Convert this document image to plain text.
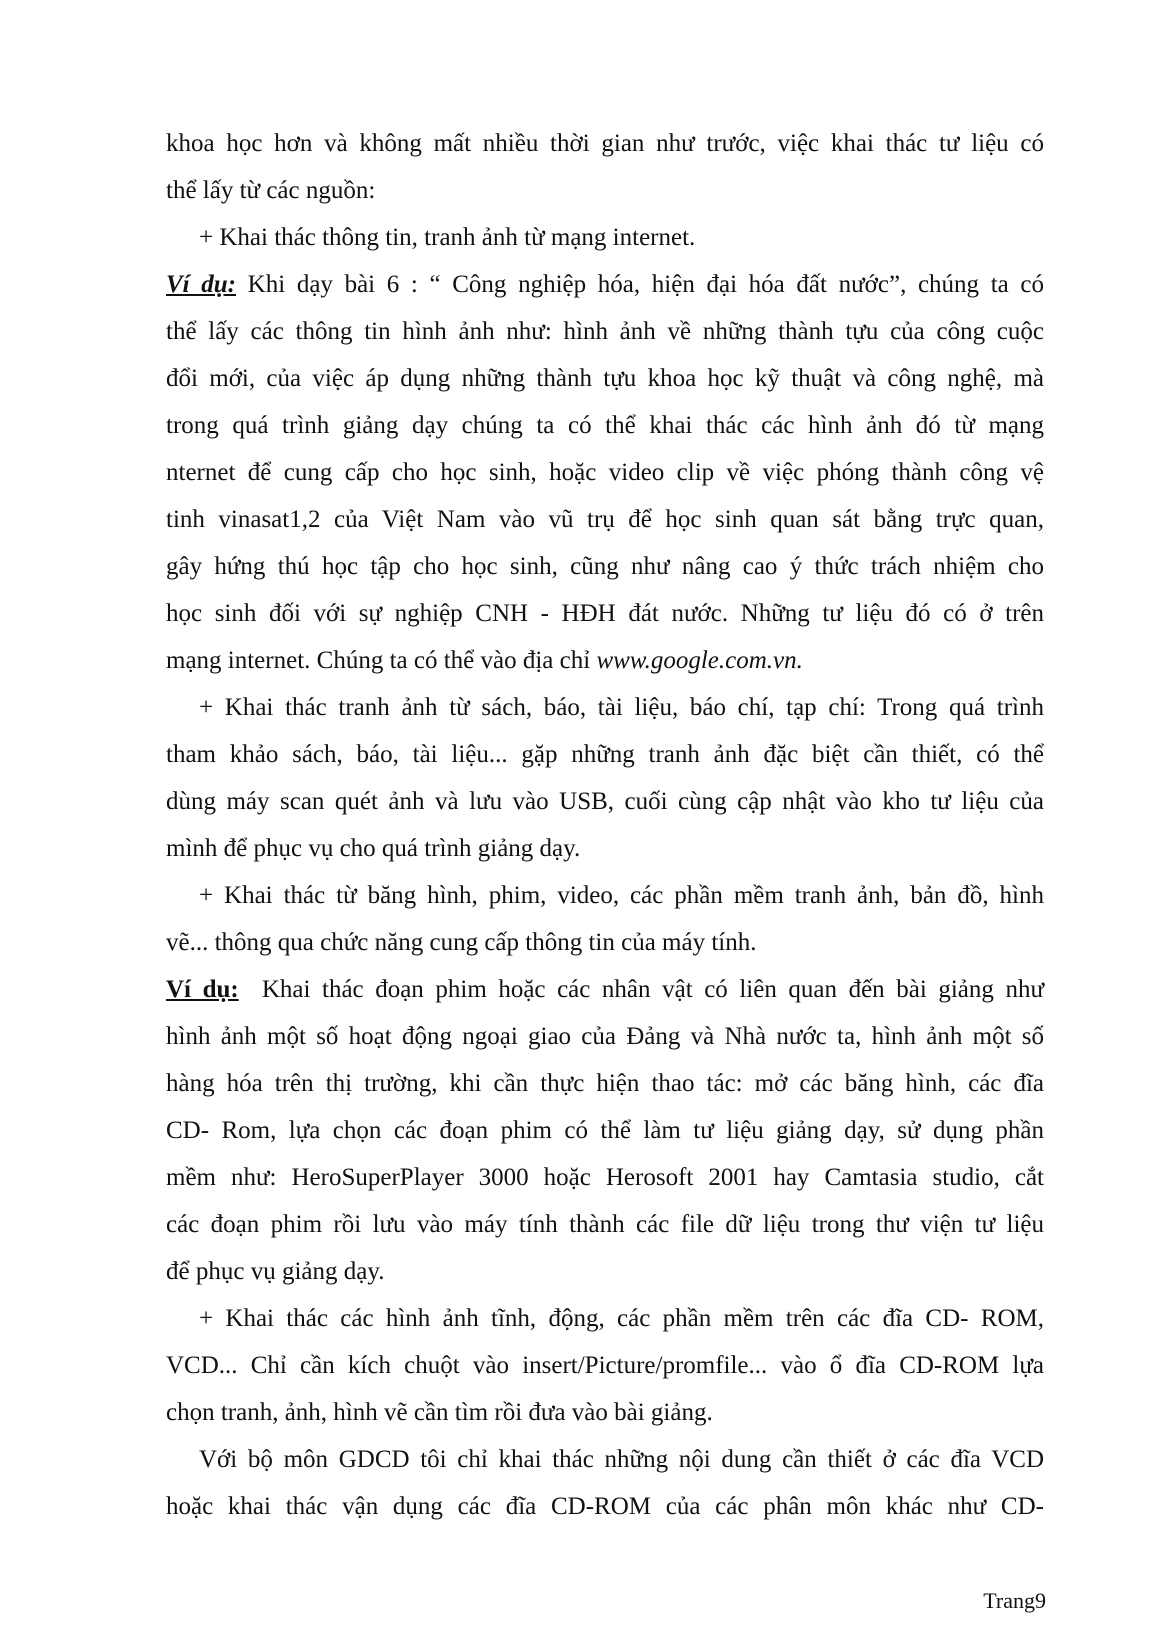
khoa học hơn và không mất nhiều thời gian như trước, việc khai thác tư liệu có
thể lấy từ các nguồn:
+ Khai thác thông tin, tranh ảnh từ mạng internet.
Ví dụ: Khi dạy bài 6 : “ Công nghiệp hóa, hiện đại hóa đất nước”, chúng ta có
thể lấy các thông tin hình ảnh như: hình ảnh về những thành tựu của công cuộc
đổi mới, của việc áp dụng những thành tựu khoa học kỹ thuật và công nghệ, mà
trong quá trình giảng dạy chúng ta có thể khai thác các hình ảnh đó từ mạng
nternet để cung cấp cho học sinh, hoặc video clip về việc phóng thành công vệ
tinh vinasat1,2 của Việt Nam vào vũ trụ để học sinh quan sát bằng trực quan,
gây hứng thú học tập cho học sinh, cũng như nâng cao ý thức trách nhiệm cho
học sinh đối với sự nghiệp CNH - HĐH đát nước. Những tư liệu đó có ở trên
mạng internet. Chúng ta có thể vào địa chỉ www.google.com.vn.
+ Khai thác tranh ảnh từ sách, báo, tài liệu, báo chí, tạp chí: Trong quá trình
tham khảo sách, báo, tài liệu... gặp những tranh ảnh đặc biệt cần thiết, có thể
dùng máy scan quét ảnh và lưu vào USB, cuối cùng cập nhật vào kho tư liệu của
mình để phục vụ cho quá trình giảng dạy.
+ Khai thác từ băng hình, phim, video, các phần mềm tranh ảnh, bản đồ, hình
vẽ... thông qua chức năng cung cấp thông tin của máy tính.
Ví dụ: Khai thác đoạn phim hoặc các nhân vật có liên quan đến bài giảng như
hình ảnh một số hoạt động ngoại giao của Đảng và Nhà nước ta, hình ảnh một số
hàng hóa trên thị trường, khi cần thực hiện thao tác: mở các băng hình, các đĩa
CD- Rom, lựa chọn các đoạn phim có thể làm tư liệu giảng dạy, sử dụng phần
mềm như: HeroSuperPlayer 3000 hoặc Herosoft 2001 hay Camtasia studio, cắt
các đoạn phim rồi lưu vào máy tính thành các file dữ liệu trong thư viện tư liệu
để phục vụ giảng dạy.
+ Khai thác các hình ảnh tĩnh, động, các phần mềm trên các đĩa CD- ROM,
VCD... Chỉ cần kích chuột vào insert/Picture/promfile... vào ổ đĩa CD-ROM lựa
chọn tranh, ảnh, hình vẽ cần tìm rồi đưa vào bài giảng.
Với bộ môn GDCD tôi chỉ khai thác những nội dung cần thiết ở các đĩa VCD
hoặc khai thác vận dụng các đĩa CD-ROM của các phân môn khác như CD-
Trang9
